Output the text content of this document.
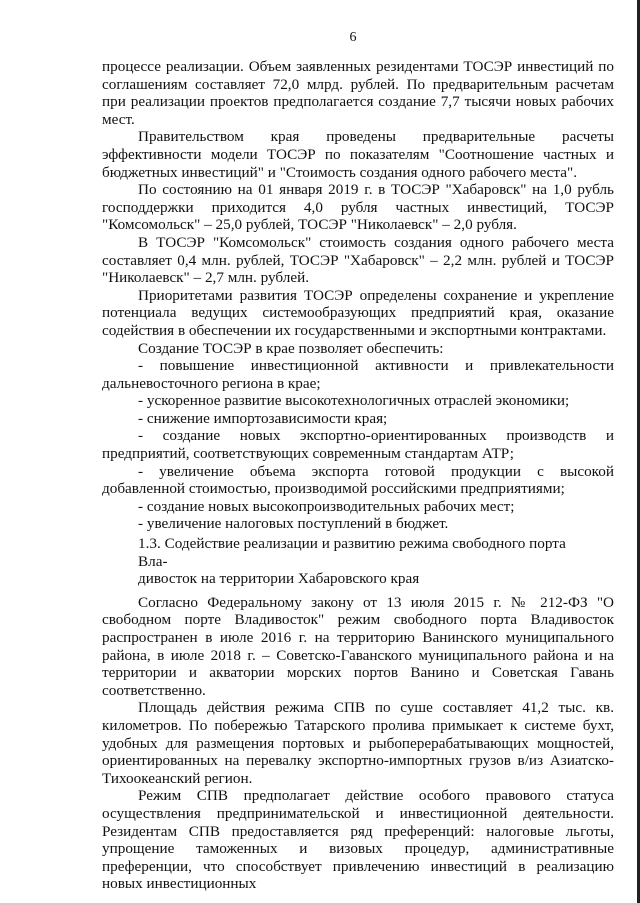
6

процессе реализации. Объем заявленных резидентами ТОСЭР инвестиций по соглашениям составляет 72,0 млрд. рублей. По предварительным расчетам при реализации проектов предполагается создание 7,7 тысячи новых рабочих мест.

Правительством края проведены предварительные расчеты эффективности модели ТОСЭР по показателям "Соотношение частных и бюджетных инвестиций" и "Стоимость создания одного рабочего места".

По состоянию на 01 января 2019 г. в ТОСЭР "Хабаровск" на 1,0 рубль господдержки приходится 4,0 рубля частных инвестиций, ТОСЭР "Комсомольск" – 25,0 рублей, ТОСЭР "Николаевск" – 2,0 рубля.

В ТОСЭР "Комсомольск" стоимость создания одного рабочего места составляет 0,4 млн. рублей, ТОСЭР "Хабаровск" – 2,2 млн. рублей и ТОСЭР "Николаевск" – 2,7 млн. рублей.

Приоритетами развития ТОСЭР определены сохранение и укрепление потенциала ведущих системообразующих предприятий края, оказание содействия в обеспечении их государственными и экспортными контрактами.

Создание ТОСЭР в крае позволяет обеспечить:

- повышение инвестиционной активности и привлекательности дальневосточного региона в крае;

- ускоренное развитие высокотехнологичных отраслей экономики;

- снижение импортозависимости края;

- создание новых экспортно-ориентированных производств и предприятий, соответствующих современным стандартам АТР;

- увеличение объема экспорта готовой продукции с высокой добавленной стоимостью, производимой российскими предприятиями;

- создание новых высокопроизводительных рабочих мест;

- увеличение налоговых поступлений в бюджет.

1.3. Содействие реализации и развитию режима свободного порта Вла-
дивосток на территории Хабаровского края

Согласно Федеральному закону от 13 июля 2015 г. № 212-ФЗ "О свободном порте Владивосток" режим свободного порта Владивосток распространен в июле 2016 г. на территорию Ванинского муниципального района, в июле 2018 г. – Советско-Гаванского муниципального района и на территории и акватории морских портов Ванино и Советская Гавань соответственно.

Площадь действия режима СПВ по суше составляет 41,2 тыс. кв. километров. По побережью Татарского пролива примыкает к системе бухт, удобных для размещения портовых и рыбоперерабатывающих мощностей, ориентированных на перевалку экспортно-импортных грузов в/из Азиатско-Тихоокеанский регион.

Режим СПВ предполагает действие особого правового статуса осуществления предпринимательской и инвестиционной деятельности. Резидентам СПВ предоставляется ряд преференций: налоговые льготы, упрощение таможенных и визовых процедур, административные преференции, что способствует привлечению инвестиций в реализацию новых инвестиционных
